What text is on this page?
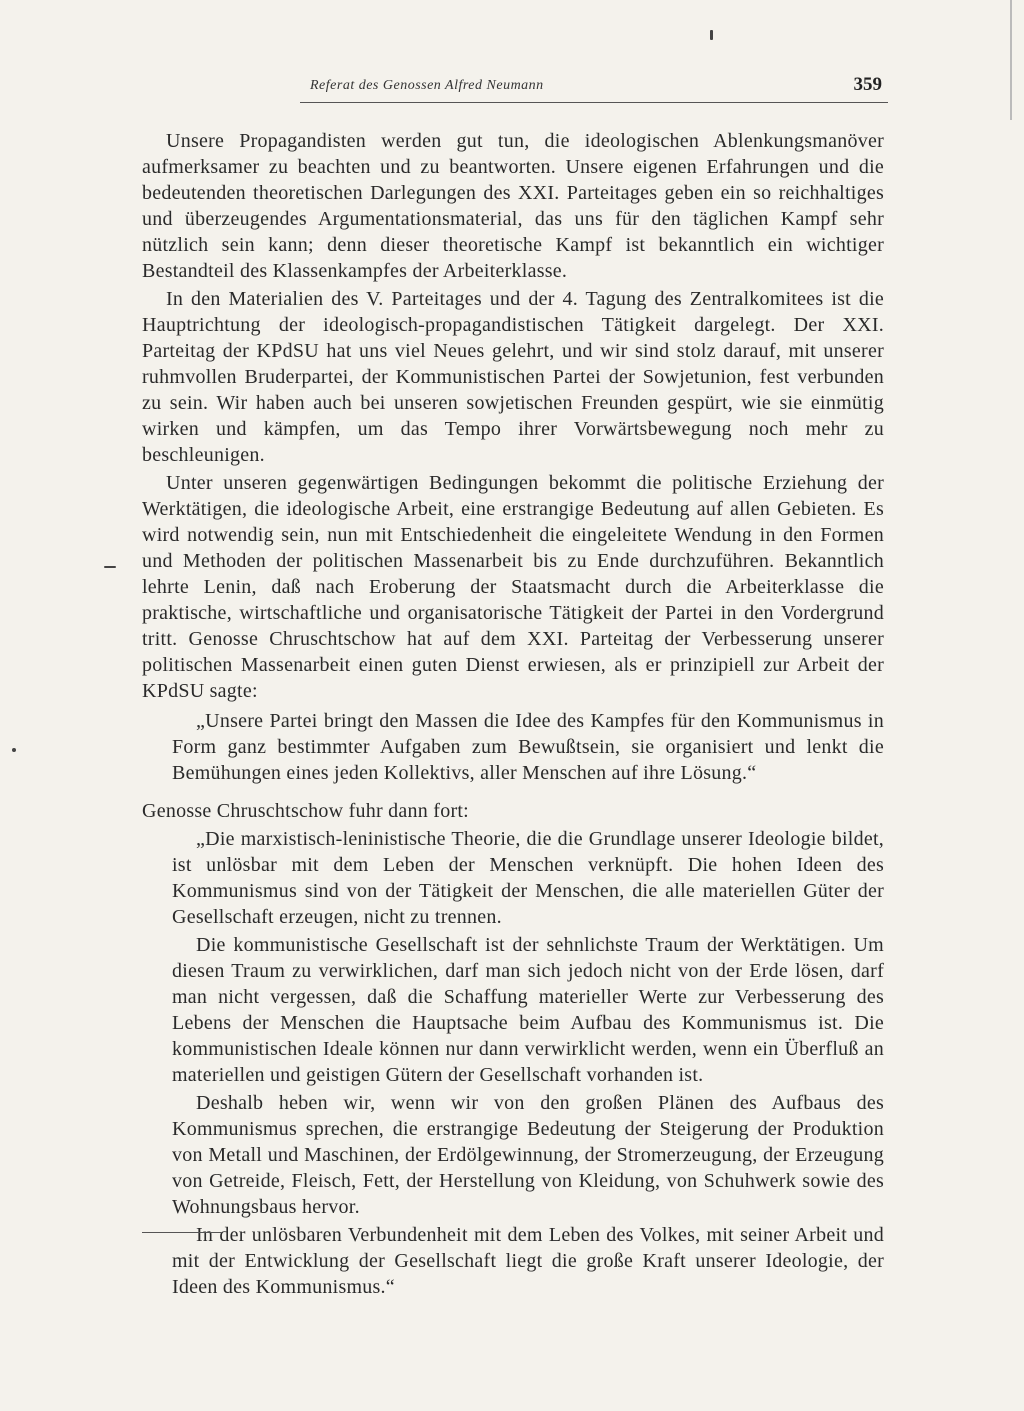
Referat des Genossen Alfred Neumann	359

Unsere Propagandisten werden gut tun, die ideologischen Ablenkungsmanöver aufmerksamer zu beachten und zu beantworten. Unsere eigenen Erfahrungen und die bedeutenden theoretischen Darlegungen des XXI. Parteitages geben ein so reichhaltiges und überzeugendes Argumentationsmaterial, das uns für den täglichen Kampf sehr nützlich sein kann; denn dieser theoretische Kampf ist bekanntlich ein wichtiger Bestandteil des Klassenkampfes der Arbeiterklasse.

In den Materialien des V. Parteitages und der 4. Tagung des Zentralkomitees ist die Hauptrichtung der ideologisch-propagandistischen Tätigkeit dargelegt. Der XXI. Parteitag der KPdSU hat uns viel Neues gelehrt, und wir sind stolz darauf, mit unserer ruhmvollen Bruderpartei, der Kommunistischen Partei der Sowjetunion, fest verbunden zu sein. Wir haben auch bei unseren sowjetischen Freunden gespürt, wie sie einmütig wirken und kämpfen, um das Tempo ihrer Vorwärtsbewegung noch mehr zu beschleunigen.

Unter unseren gegenwärtigen Bedingungen bekommt die politische Erziehung der Werktätigen, die ideologische Arbeit, eine erstrangige Bedeutung auf allen Gebieten. Es wird notwendig sein, nun mit Entschiedenheit die eingeleitete Wendung in den Formen und Methoden der politischen Massenarbeit bis zu Ende durchzuführen. Bekanntlich lehrte Lenin, daß nach Eroberung der Staatsmacht durch die Arbeiterklasse die praktische, wirtschaftliche und organisatorische Tätigkeit der Partei in den Vordergrund tritt. Genosse Chruschtschow hat auf dem XXI. Parteitag der Verbesserung unserer politischen Massenarbeit einen guten Dienst erwiesen, als er prinzipiell zur Arbeit der KPdSU sagte:

„Unsere Partei bringt den Massen die Idee des Kampfes für den Kommunismus in Form ganz bestimmter Aufgaben zum Bewußtsein, sie organisiert und lenkt die Bemühungen eines jeden Kollektivs, aller Menschen auf ihre Lösung.“

Genosse Chruschtschow fuhr dann fort:

„Die marxistisch-leninistische Theorie, die die Grundlage unserer Ideologie bildet, ist unlösbar mit dem Leben der Menschen verknüpft. Die hohen Ideen des Kommunismus sind von der Tätigkeit der Menschen, die alle materiellen Güter der Gesellschaft erzeugen, nicht zu trennen.

Die kommunistische Gesellschaft ist der sehnlichste Traum der Werktätigen. Um diesen Traum zu verwirklichen, darf man sich jedoch nicht von der Erde lösen, darf man nicht vergessen, daß die Schaffung materieller Werte zur Verbesserung des Lebens der Menschen die Hauptsache beim Aufbau des Kommunismus ist. Die kommunistischen Ideale können nur dann verwirklicht werden, wenn ein Überfluß an materiellen und geistigen Gütern der Gesellschaft vorhanden ist.

Deshalb heben wir, wenn wir von den großen Plänen des Aufbaus des Kommunismus sprechen, die erstrangige Bedeutung der Steigerung der Produktion von Metall und Maschinen, der Erdölgewinnung, der Stromerzeugung, der Erzeugung von Getreide, Fleisch, Fett, der Herstellung von Kleidung, von Schuhwerk sowie des Wohnungsbaus hervor.

In der unlösbaren Verbundenheit mit dem Leben des Volkes, mit seiner Arbeit und mit der Entwicklung der Gesellschaft liegt die große Kraft unserer Ideologie, der Ideen des Kommunismus.“
